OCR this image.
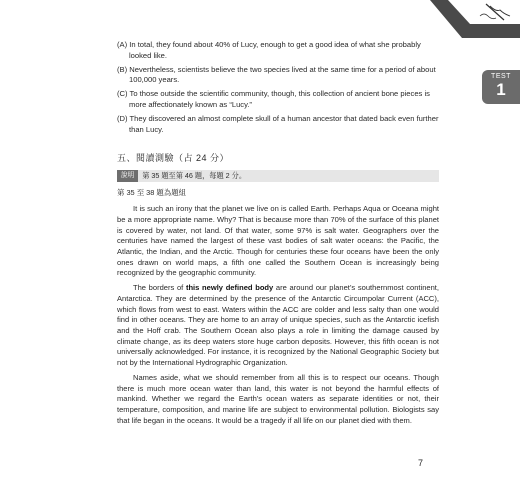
TEST
1
(A) In total, they found about 40% of Lucy, enough to get a good idea of what she probably looked like.
(B) Nevertheless, scientists believe the two species lived at the same time for a period of about 100,000 years.
(C) To those outside the scientific community, though, this collection of ancient bone pieces is more affectionately known as “Lucy.”
(D) They discovered an almost complete skull of a human ancestor that dated back even further than Lucy.
五、閱讀測驗（占 24 分）
說明	第 35 題至第 46 題，每題 2 分。
第 35 至 38 題為題組

It is such an irony that the planet we live on is called Earth. Perhaps Aqua or Oceana might be a more appropriate name. Why? That is because more than 70% of the surface of this planet is covered by water, not land. Of that water, some 97% is salt water. Geographers over the centuries have named the largest of these vast bodies of salt water oceans: the Pacific, the Atlantic, the Indian, and the Arctic. Though for centuries these four oceans have been the only ones drawn on world maps, a fifth one called the Southern Ocean is increasingly being recognized by the geographic community.

The borders of this newly defined body are around our planet’s southernmost continent, Antarctica. They are determined by the presence of the Antarctic Circumpolar Current (ACC), which flows from west to east. Waters within the ACC are colder and less salty than one would find in other oceans. They are home to an array of unique species, such as the Antarctic icefish and the Hoff crab. The Southern Ocean also plays a role in limiting the damage caused by climate change, as its deep waters store huge carbon deposits. However, this fifth ocean is not universally acknowledged. For instance, it is recognized by the National Geographic Society but not by the International Hydrographic Organization.

Names aside, what we should remember from all this is to respect our oceans. Though there is much more ocean water than land, this water is not beyond the harmful effects of mankind. Whether we regard the Earth’s ocean waters as separate identities or not, their temperature, composition, and marine life are subject to environmental pollution. Biologists say that life began in the oceans. It would be a tragedy if all life on our planet died with them.

7
